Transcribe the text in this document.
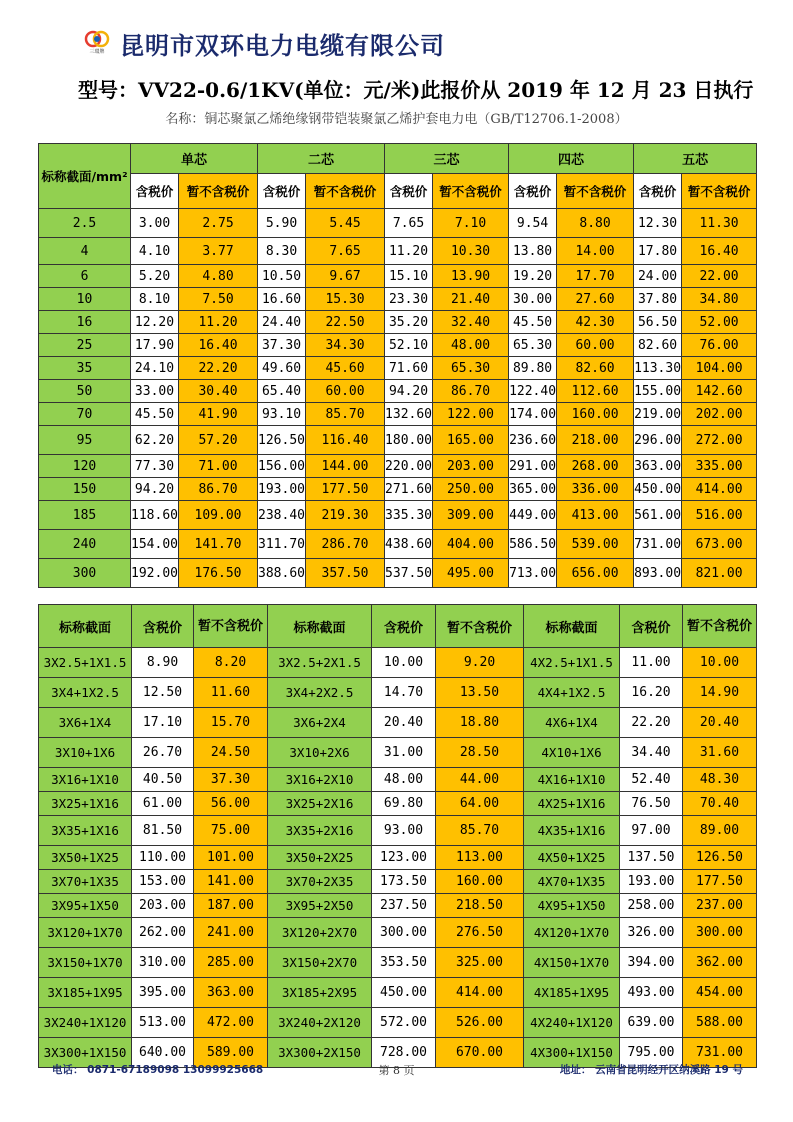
三環牌 昆明市双环电力电缆有限公司
型号：VV22-0.6/1KV(单位：元/米)此报价从 2019 年 12 月 23 日执行
名称：铜芯聚氯乙烯绝缘钢带铠装聚氯乙烯护套电力电（GB/T12706.1-2008）
标称截面/mm²	单芯		二芯		三芯		四芯		五芯	
	含税价	暂不含税价	含税价	暂不含税价	含税价	暂不含税价	含税价	暂不含税价	含税价	暂不含税价
2.5	3.00	2.75	5.90	5.45	7.65	7.10	9.54	8.80	12.30	11.30
4	4.10	3.77	8.30	7.65	11.20	10.30	13.80	14.00	17.80	16.40
6	5.20	4.80	10.50	9.67	15.10	13.90	19.20	17.70	24.00	22.00
10	8.10	7.50	16.60	15.30	23.30	21.40	30.00	27.60	37.80	34.80
16	12.20	11.20	24.40	22.50	35.20	32.40	45.50	42.30	56.50	52.00
25	17.90	16.40	37.30	34.30	52.10	48.00	65.30	60.00	82.60	76.00
35	24.10	22.20	49.60	45.60	71.60	65.30	89.80	82.60	113.30	104.00
50	33.00	30.40	65.40	60.00	94.20	86.70	122.40	112.60	155.00	142.60
70	45.50	41.90	93.10	85.70	132.60	122.00	174.00	160.00	219.00	202.00
95	62.20	57.20	126.50	116.40	180.00	165.00	236.60	218.00	296.00	272.00
120	77.30	71.00	156.00	144.00	220.00	203.00	291.00	268.00	363.00	335.00
150	94.20	86.70	193.00	177.50	271.60	250.00	365.00	336.00	450.00	414.00
185	118.60	109.00	238.40	219.30	335.30	309.00	449.00	413.00	561.00	516.00
240	154.00	141.70	311.70	286.70	438.60	404.00	586.50	539.00	731.00	673.00
300	192.00	176.50	388.60	357.50	537.50	495.00	713.00	656.00	893.00	821.00
标称截面	含税价	暂不含税价	标称截面	含税价	暂不含税价	标称截面	含税价	暂不含税价
3X2.5+1X1.5	8.90	8.20	3X2.5+2X1.5	10.00	9.20	4X2.5+1X1.5	11.00	10.00
3X4+1X2.5	12.50	11.60	3X4+2X2.5	14.70	13.50	4X4+1X2.5	16.20	14.90
3X6+1X4	17.10	15.70	3X6+2X4	20.40	18.80	4X6+1X4	22.20	20.40
3X10+1X6	26.70	24.50	3X10+2X6	31.00	28.50	4X10+1X6	34.40	31.60
3X16+1X10	40.50	37.30	3X16+2X10	48.00	44.00	4X16+1X10	52.40	48.30
3X25+1X16	61.00	56.00	3X25+2X16	69.80	64.00	4X25+1X16	76.50	70.40
3X35+1X16	81.50	75.00	3X35+2X16	93.00	85.70	4X35+1X16	97.00	89.00
3X50+1X25	110.00	101.00	3X50+2X25	123.00	113.00	4X50+1X25	137.50	126.50
3X70+1X35	153.00	141.00	3X70+2X35	173.50	160.00	4X70+1X35	193.00	177.50
3X95+1X50	203.00	187.00	3X95+2X50	237.50	218.50	4X95+1X50	258.00	237.00
3X120+1X70	262.00	241.00	3X120+2X70	300.00	276.50	4X120+1X70	326.00	300.00
3X150+1X70	310.00	285.00	3X150+2X70	353.50	325.00	4X150+1X70	394.00	362.00
3X185+1X95	395.00	363.00	3X185+2X95	450.00	414.00	4X185+1X95	493.00	454.00
3X240+1X120	513.00	472.00	3X240+2X120	572.00	526.00	4X240+1X120	639.00	588.00
3X300+1X150	640.00	589.00	3X300+2X150	728.00	670.00	4X300+1X150	795.00	731.00
电话： 0871-67189098 13099925668	第 8 页	地址： 云南省昆明经开区纳溪路 19 号
